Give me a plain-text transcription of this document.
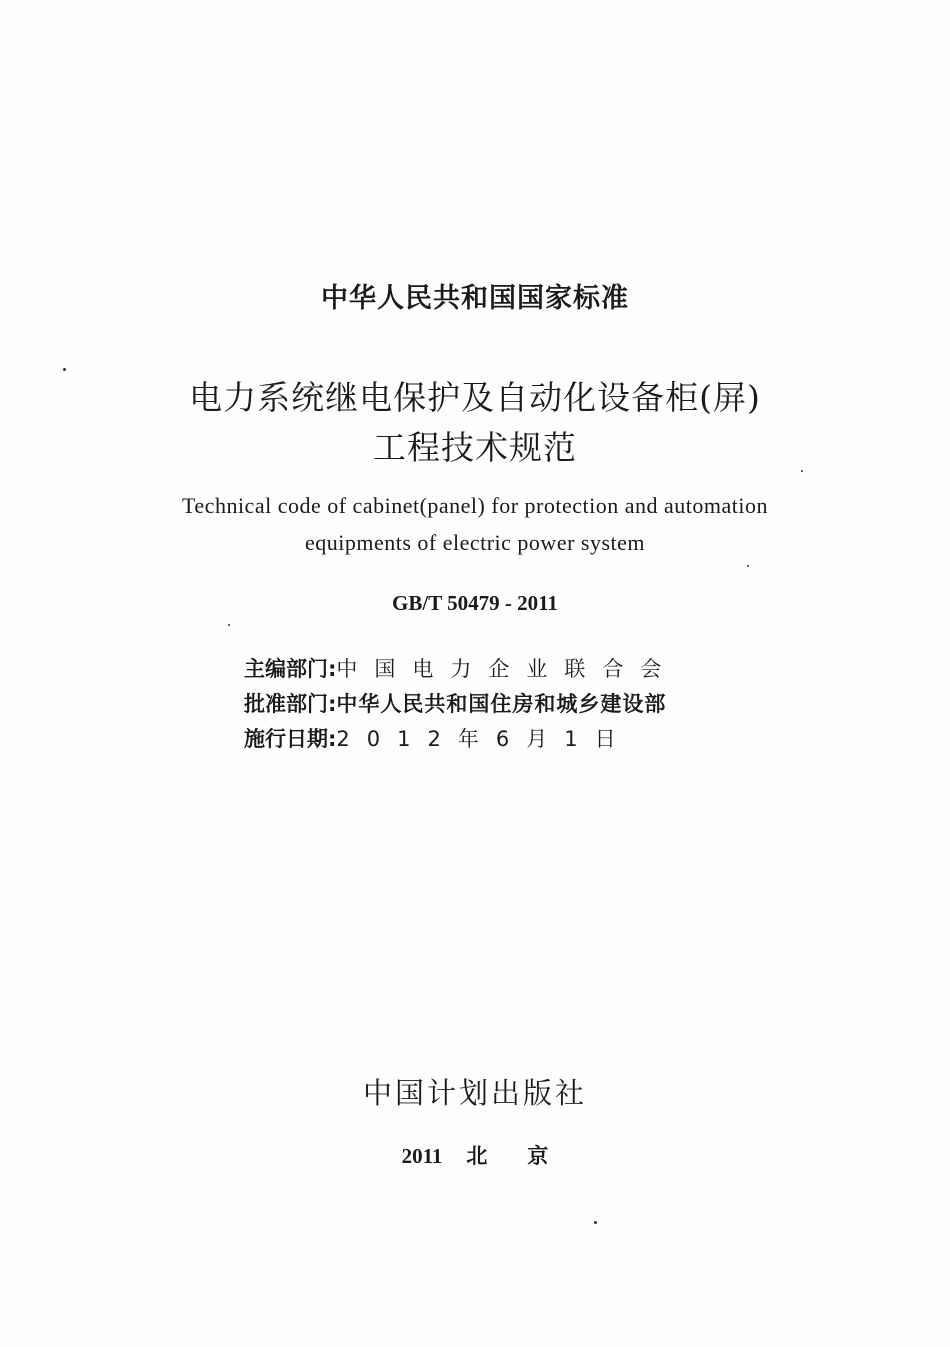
中华人民共和国国家标准
电力系统继电保护及自动化设备柜(屏)
工程技术规范
Technical code of cabinet(panel) for protection and automation
equipments of electric power system
GB/T 50479 - 2011
主编部门:中国电力企业联合会
批准部门:中华人民共和国住房和城乡建设部
施行日期:2012年6月1日
中国计划出版社
2011 北 京
